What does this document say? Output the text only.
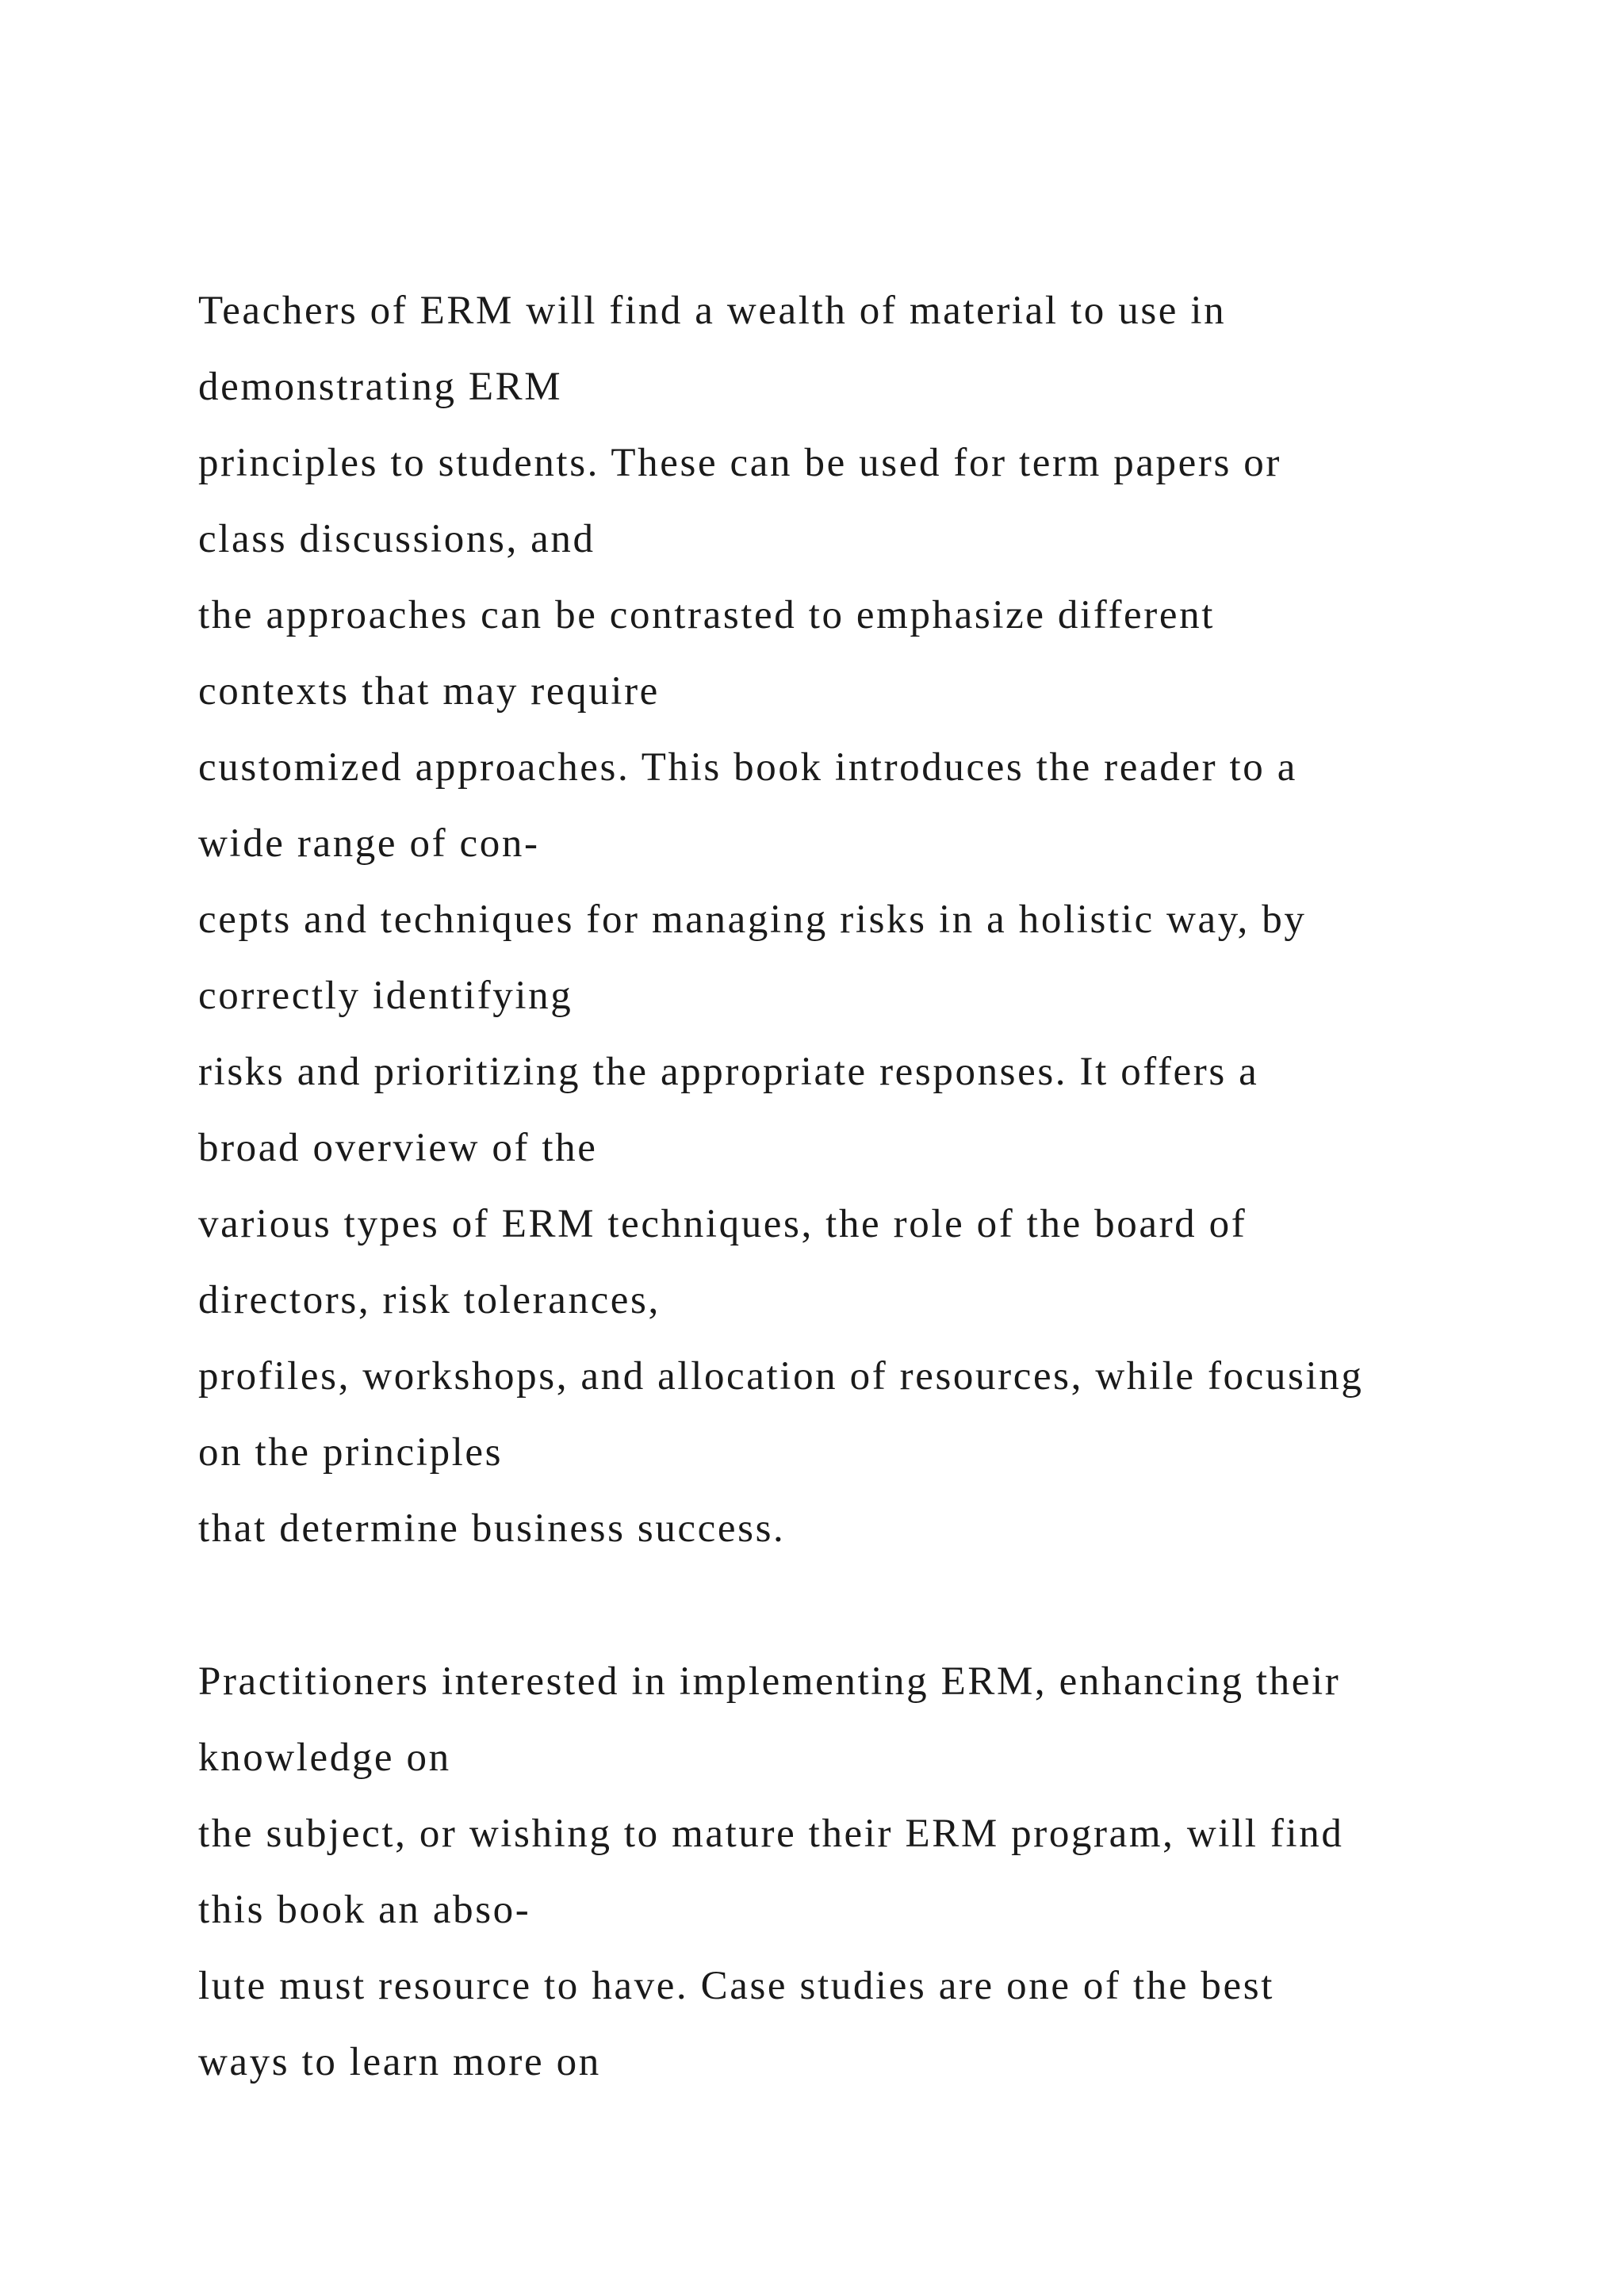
Teachers of ERM will find a wealth of material to use in
demonstrating ERM
principles to students. These can be used for term papers or
class discussions, and
the approaches can be contrasted to emphasize different
contexts that may require
customized approaches. This book introduces the reader to a
wide range of con-
cepts and techniques for managing risks in a holistic way, by
correctly identifying
risks and prioritizing the appropriate responses. It offers a
broad overview of the
various types of ERM techniques, the role of the board of
directors, risk tolerances,
profiles, workshops, and allocation of resources, while focusing
on the principles
that determine business success.
Practitioners interested in implementing ERM, enhancing their
knowledge on
the subject, or wishing to mature their ERM program, will find
this book an abso-
lute must resource to have. Case studies are one of the best
ways to learn more on
